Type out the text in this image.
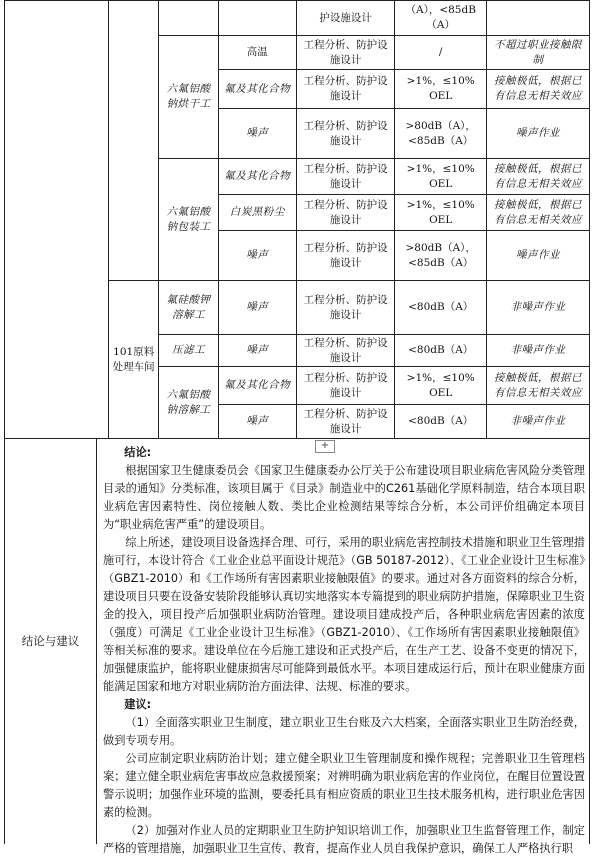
				护设施设计	（A），<85dB（A）	
		六氟铝酸钠烘干工	高温	工程分析、防护设施设计	/	不超过职业接触限制
			氟及其化合物	工程分析、防护设施设计	>1%，≤10% OEL	接触极低，根据已有信息无相关效应
			噪声	工程分析、防护设施设计	>80dB（A），<85dB（A）	噪声作业
		六氟铝酸钠包装工	氟及其化合物	工程分析、防护设施设计	>1%，≤10% OEL	接触极低，根据已有信息无相关效应
			白炭黑粉尘	工程分析、防护设施设计	>1%，≤10% OEL	接触极低，根据已有信息无相关效应
			噪声	工程分析、防护设施设计	>80dB（A），<85dB（A）	噪声作业
	101原料处理车间	氟硅酸钾溶解工	噪声	工程分析、防护设施设计	<80dB（A）	非噪声作业
		压滤工	噪声	工程分析、防护设施设计	<80dB（A）	非噪声作业
		六氟铝酸钠溶解工	氟及其化合物	工程分析、防护设施设计	>1%，≤10% OEL	接触极低，根据已有信息无相关效应
			噪声	工程分析、防护设施设计	<80dB（A）	非噪声作业
+
结论与建议

结论:

根据国家卫生健康委员会《国家卫生健康委办公厅关于公布建设项目职业病危害风险分类管理目录的通知》分类标准，该项目属于《目录》制造业中的C261基础化学原料制造，结合本项目职业病危害因素特性、岗位接触人数、类比企业检测结果等综合分析，本公司评价组确定本项目为“职业病危害严重”的建设项目。

综上所述，建设项目设备选择合理、可行，采用的职业病危害控制技术措施和职业卫生管理措施可行，本设计符合《工业企业总平面设计规范》（GB 50187-2012）、《工业企业设计卫生标准》（GBZ1-2010）和《工作场所有害因素职业接触限值》的要求。通过对各方面资料的综合分析，建设项目只要在设备安装阶段能够认真切实地落实本专篇提到的职业病防护措施，保障职业卫生资金的投入，项目投产后加强职业病防治管理。建设项目建成投产后，各种职业病危害因素的浓度（强度）可满足《工业企业设计卫生标准》（GBZ1-2010）、《工作场所有害因素职业接触限值》等相关标准的要求。建设单位在今后施工建设和正式投产后，在生产工艺、设备不变更的情况下，加强健康监护，能将职业健康损害尽可能降到最低水平。本项目建成运行后，预计在职业健康方面能满足国家和地方对职业病防治方面法律、法规、标准的要求。

建议:

（1）全面落实职业卫生制度，建立职业卫生台账及六大档案，全面落实职业卫生防治经费，做到专项专用。

公司应制定职业病防治计划；建立健全职业卫生管理制度和操作规程；完善职业卫生管理档案；建立健全职业病危害事故应急救援预案；对辨明确为职业病危害的作业岗位，在醒目位置设置警示说明；加强作业环境的监测，要委托具有相应资质的职业卫生技术服务机构，进行职业危害因素的检测。

（2）加强对作业人员的定期职业卫生防护知识培训工作，加强职业卫生监督管理工作，制定严格的管理措施，加强职业卫生宣传、教育，提高作业人员自我保护意识，确保工人严格执行职
